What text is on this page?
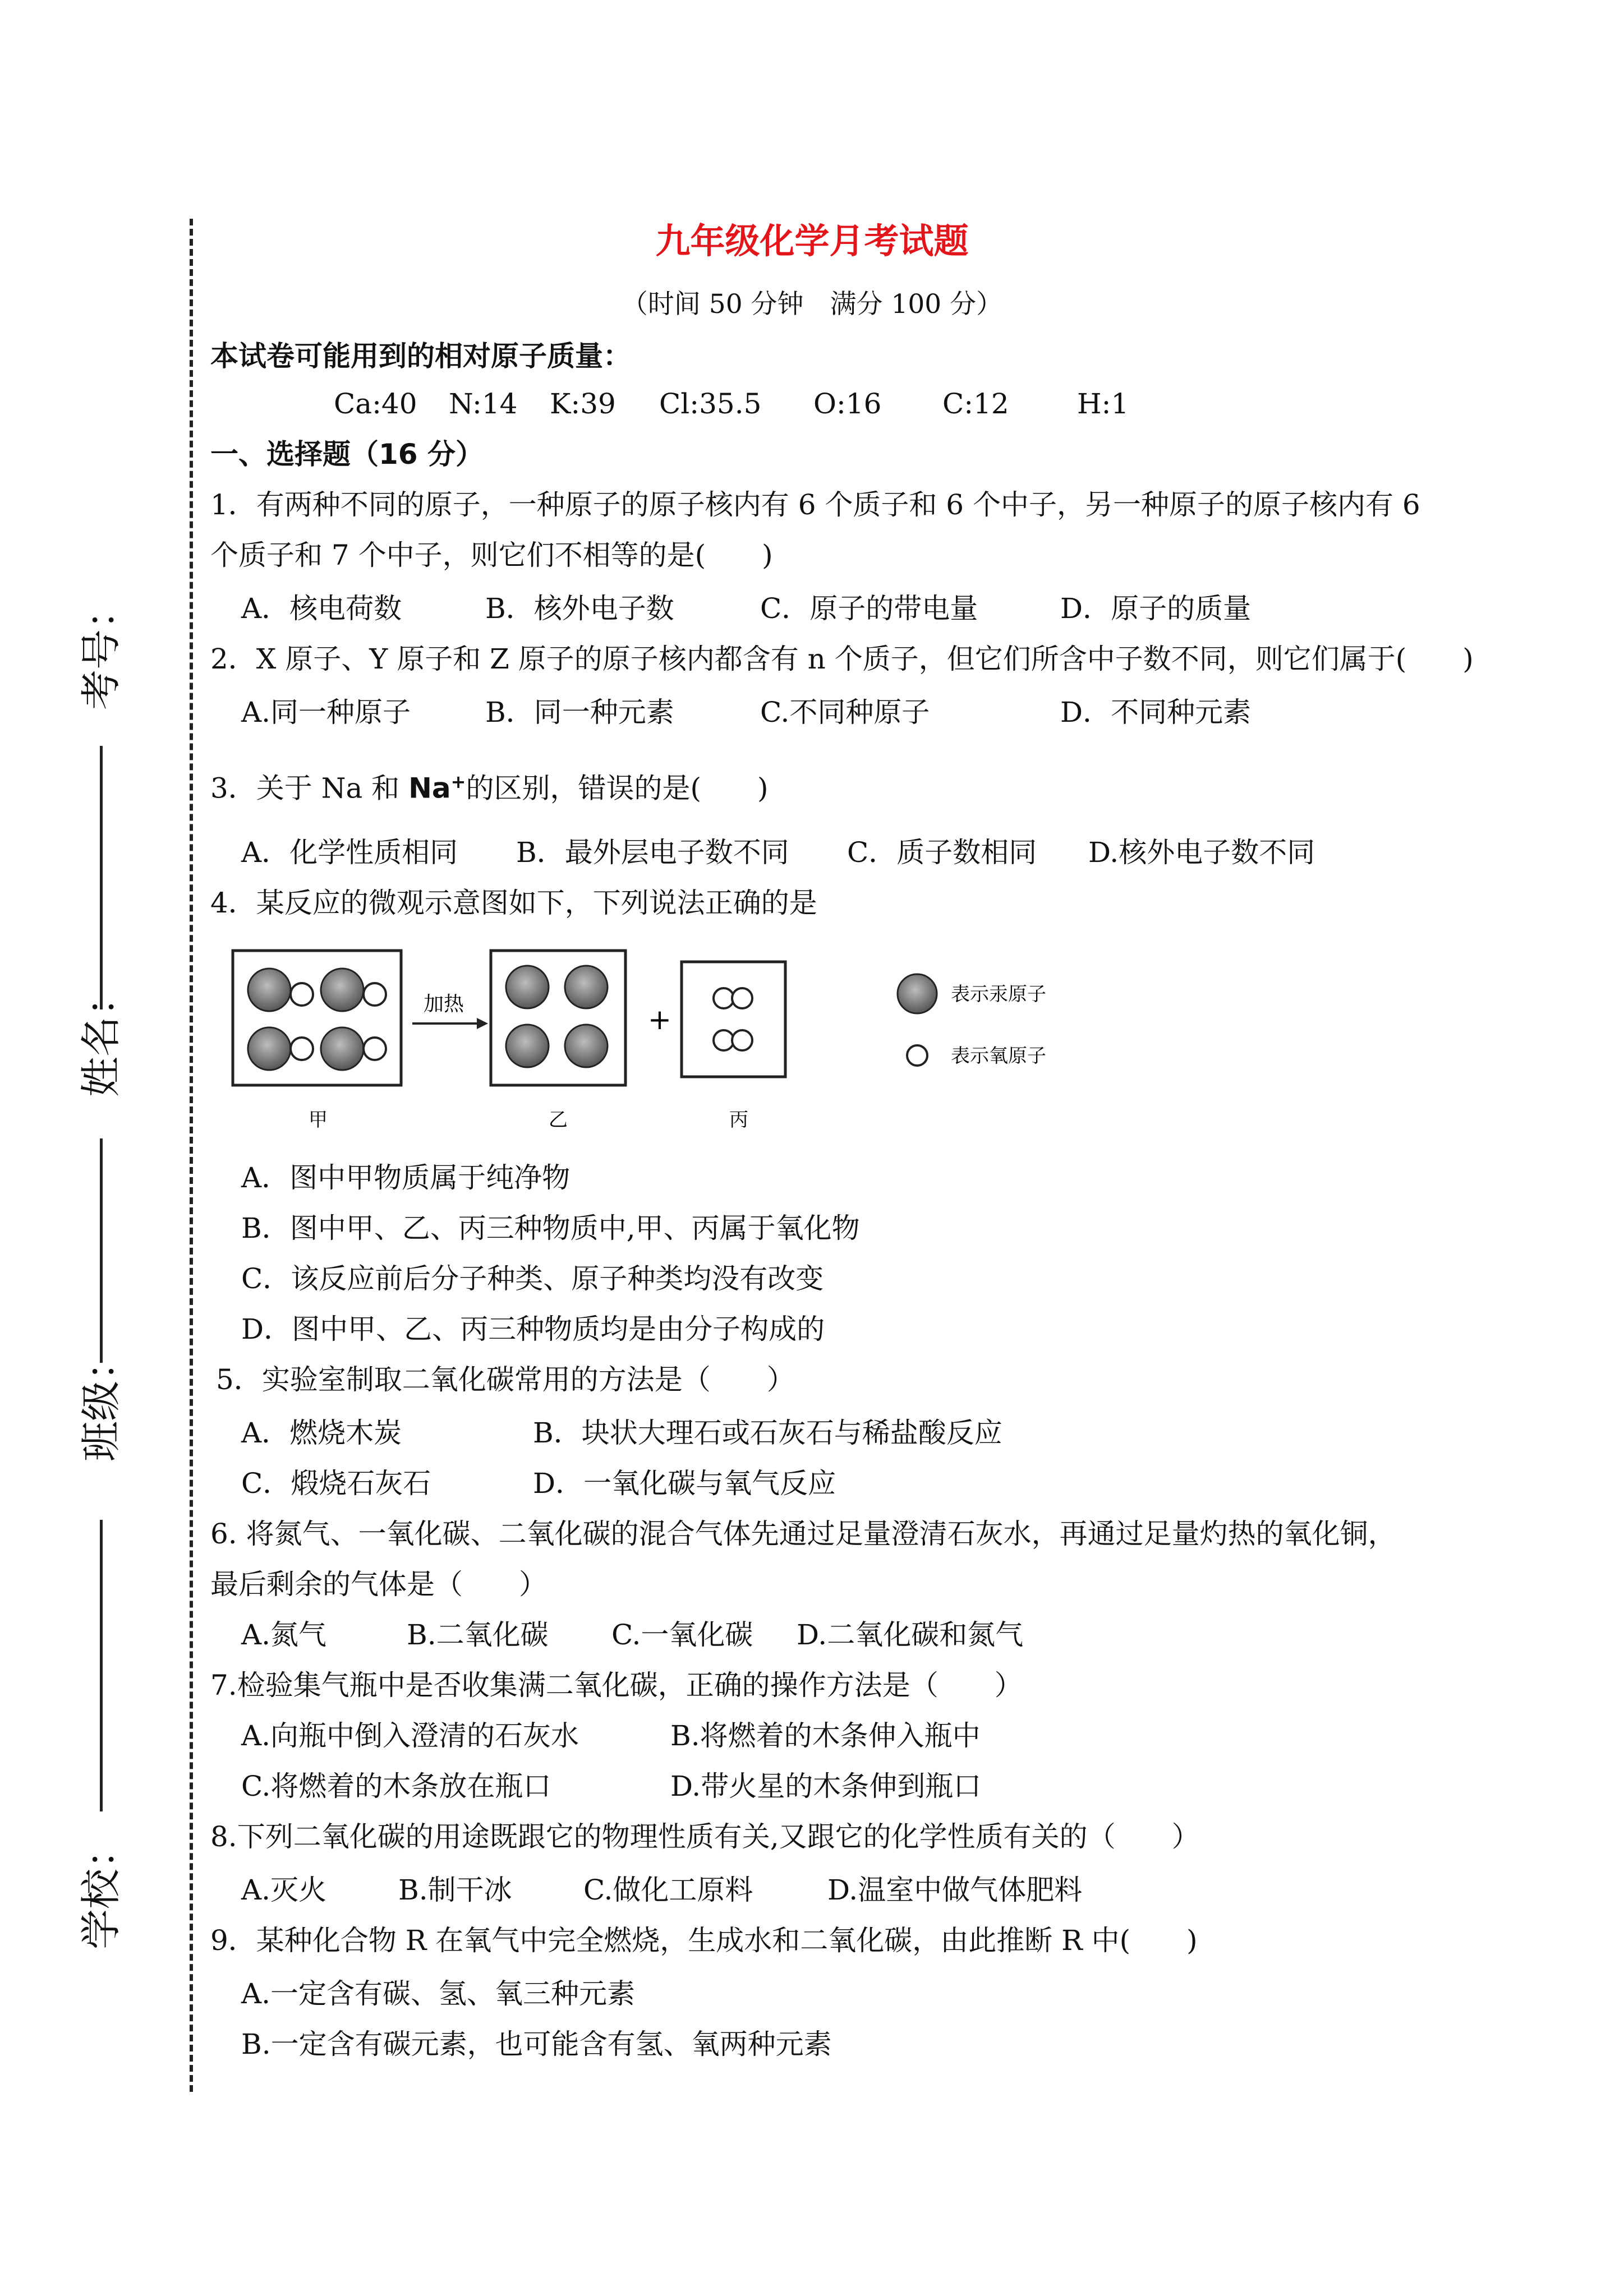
考号：
姓名：
班级：
学校：
九年级化学月考试题
（时间 50 分钟　满分 100 分）
本试卷可能用到的相对原子质量：
Ca:40 N:14 K:39 Cl:35.5 O:16 C:12 H:1
一、选择题（16 分）
1．有两种不同的原子，一种原子的原子核内有 6 个质子和 6 个中子，另一种原子的原子核内有 6
个质子和 7 个中子，则它们不相等的是(　　)
A．核电荷数	B．核外电子数	C．原子的带电量	D．原子的质量
2．X 原子、Y 原子和 Z 原子的原子核内都含有 n 个质子，但它们所含中子数不同，则它们属于(　　)
A.同一种原子	B．同一种元素	C.不同种原子	D．不同种元素
3．关于 Na 和 Na+的区别，错误的是(　　)
A．化学性质相同 B．最外层电子数不同 C．质子数相同 D.核外电子数不同
4．某反应的微观示意图如下，下列说法正确的是
加热	+
表示汞原子
表示氧原子
甲	乙	丙
A．图中甲物质属于纯净物
B．图中甲、乙、丙三种物质中,甲、丙属于氧化物
C．该反应前后分子种类、原子种类均没有改变
D．图中甲、乙、丙三种物质均是由分子构成的
5．实验室制取二氧化碳常用的方法是（　　）
A．燃烧木炭	B．块状大理石或石灰石与稀盐酸反应
C．煅烧石灰石	D．一氧化碳与氧气反应
6. 将氮气、一氧化碳、二氧化碳的混合气体先通过足量澄清石灰水，再通过足量灼热的氧化铜，
最后剩余的气体是（　　）
A.氮气	B.二氧化碳 C.一氧化碳 D.二氧化碳和氮气
7.检验集气瓶中是否收集满二氧化碳，正确的操作方法是（　　）
A.向瓶中倒入澄清的石灰水	B.将燃着的木条伸入瓶中
C.将燃着的木条放在瓶口	D.带火星的木条伸到瓶口
8.下列二氧化碳的用途既跟它的物理性质有关,又跟它的化学性质有关的（　　）
A.灭火	B.制干冰	C.做化工原料	D.温室中做气体肥料
9．某种化合物 R 在氧气中完全燃烧，生成水和二氧化碳，由此推断 R 中(　　)
A.一定含有碳、氢、氧三种元素
B.一定含有碳元素，也可能含有氢、氧两种元素
